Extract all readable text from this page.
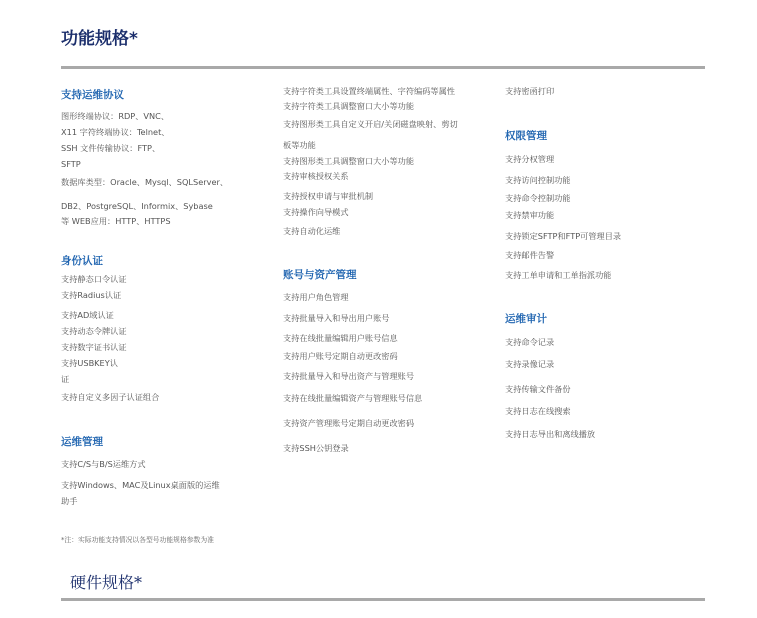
功能规格*
支持运维协议
图形终端协议：RDP、VNC、
X11 字符终端协议：Telnet、
SSH 文件传输协议：FTP、
SFTP
数据库类型：Oracle、Mysql、SQLServer、
DB2、PostgreSQL、Informix、Sybase
等 WEB应用：HTTP、HTTPS
身份认证
支持静态口令认证
支持Radius认证
支持AD域认证
支持动态令牌认证
支持数字证书认证
支持USBKEY认
证
支持自定义多因子认证组合
运维管理
支持C/S与B/S运维方式
支持Windows、MAC及Linux桌面版的运维
助手
支持字符类工具设置终端属性、字符编码等属性
支持字符类工具调整窗口大小等功能
支持图形类工具自定义开启/关闭磁盘映射、剪切
板等功能
支持图形类工具调整窗口大小等功能
支持审核授权关系
支持授权申请与审批机制
支持操作向导模式
支持自动化运维
账号与资产管理
支持用户角色管理
支持批量导入和导出用户账号
支持在线批量编辑用户账号信息
支持用户账号定期自动更改密码
支持批量导入和导出资产与管理账号
支持在线批量编辑资产与管理账号信息
支持资产管理账号定期自动更改密码
支持SSH公钥登录
支持密函打印
权限管理
支持分权管理
支持访问控制功能
支持命令控制功能
支持禁审功能
支持锁定SFTP和FTP可管理目录
支持邮件告警
支持工单申请和工单指派功能
运维审计
支持命令记录
支持录像记录
支持传输文件备份
支持日志在线搜索
支持日志导出和离线播放
*注：实际功能支持情况以各型号功能规格参数为准
硬件规格*
